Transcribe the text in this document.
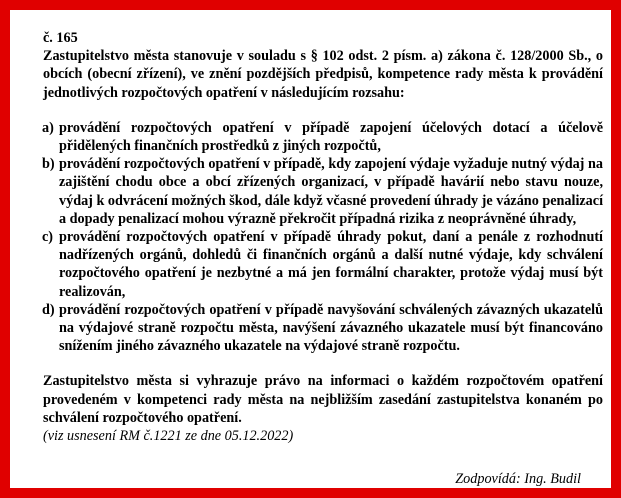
č. 165

Zastupitelstvo města stanovuje v souladu s § 102 odst. 2 písm. a) zákona č. 128/2000 Sb., o obcích (obecní zřízení), ve znění pozdějších předpisů, kompetence rady města k provádění jednotlivých rozpočtových opatření v následujícím rozsahu:

a) provádění rozpočtových opatření v případě zapojení účelových dotací a účelově přidělených finančních prostředků z jiných rozpočtů,
b) provádění rozpočtových opatření v případě, kdy zapojení výdaje vyžaduje nutný výdaj na zajištění chodu obce a obcí zřízených organizací, v případě havárií nebo stavu nouze, výdaj k odvrácení možných škod, dále když včasné provedení úhrady je vázáno penalizací a dopady penalizací mohou výrazně překročit případná rizika z neoprávněné úhrady,
c) provádění rozpočtových opatření v případě úhrady pokut, daní a penále z rozhodnutí nadřízených orgánů, dohledů či finančních orgánů a další nutné výdaje, kdy schválení rozpočtového opatření je nezbytné a má jen formální charakter, protože výdaj musí být realizován,
d) provádění rozpočtových opatření v případě navyšování schválených závazných ukazatelů na výdajové straně rozpočtu města, navýšení závazného ukazatele musí být financováno snížením jiného závazného ukazatele na výdajové straně rozpočtu.

Zastupitelstvo města si vyhrazuje právo na informaci o každém rozpočtovém opatření provedeném v kompetenci rady města na nejbližším zasedání zastupitelstva konaném po schválení rozpočtového opatření.

(viz usnesení RM č.1221 ze dne 05.12.2022)

Zodpovídá: Ing. Budil
